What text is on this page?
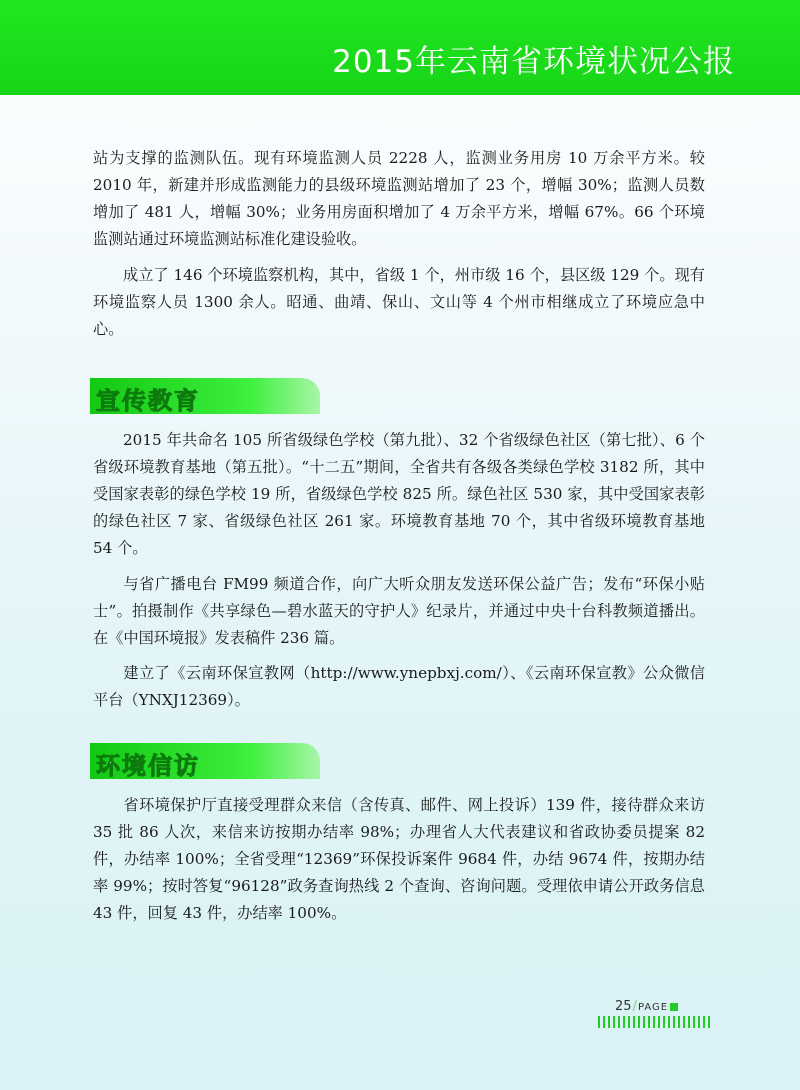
2015年云南省环境状况公报

站为支撑的监测队伍。现有环境监测人员 2228 人，监测业务用房 10 万余平方米。较 2010 年，新建并形成监测能力的县级环境监测站增加了 23 个，增幅 30%；监测人员数增加了 481 人，增幅 30%；业务用房面积增加了 4 万余平方米，增幅 67%。66 个环境监测站通过环境监测站标准化建设验收。

成立了 146 个环境监察机构，其中，省级 1 个，州市级 16 个，县区级 129 个。现有环境监察人员 1300 余人。昭通、曲靖、保山、文山等 4 个州市相继成立了环境应急中心。

宣传教育

2015 年共命名 105 所省级绿色学校（第九批）、32 个省级绿色社区（第七批）、6 个省级环境教育基地（第五批）。“十二五”期间，全省共有各级各类绿色学校 3182 所，其中受国家表彰的绿色学校 19 所，省级绿色学校 825 所。绿色社区 530 家，其中受国家表彰的绿色社区 7 家、省级绿色社区 261 家。环境教育基地 70 个，其中省级环境教育基地 54 个。

与省广播电台 FM99 频道合作，向广大听众朋友发送环保公益广告；发布“环保小贴士”。拍摄制作《共享绿色—碧水蓝天的守护人》纪录片，并通过中央十台科教频道播出。在《中国环境报》发表稿件 236 篇。

建立了《云南环保宣教网（http://www.ynepbxj.com/）、《云南环保宣教》公众微信平台（YNXJ12369）。

环境信访

省环境保护厅直接受理群众来信（含传真、邮件、网上投诉）139 件，接待群众来访 35 批 86 人次，来信来访按期办结率 98%；办理省人大代表建议和省政协委员提案 82 件，办结率 100%；全省受理“12369”环保投诉案件 9684 件，办结 9674 件，按期办结率 99%；按时答复“96128”政务查询热线 2 个查询、咨询问题。受理依申请公开政务信息 43 件，回复 43 件，办结率 100%。

25/PAGE
